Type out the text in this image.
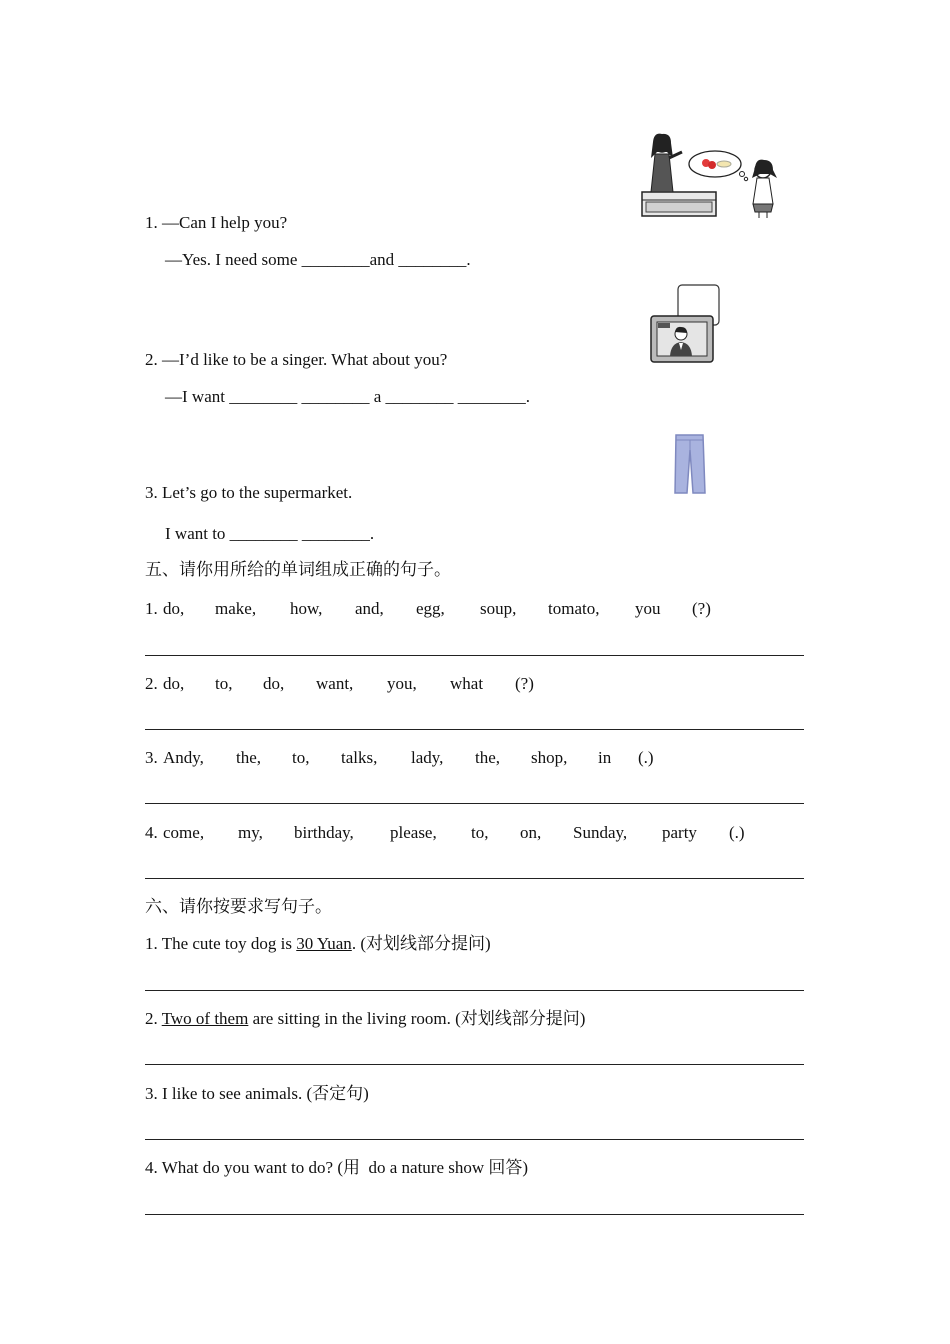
1. —Can I help you?
—Yes. I need some ________and ________.
2. —I’d like to be a singer. What about you?
—I want ________ ________ a ________ ________.
3. Let’s go to the supermarket.
I want to ________ ________.
五、请你用所给的单词组成正确的句子。
1. do,	make,	how,	and,	egg,	soup,	tomato,	you	(?)
2. do,	to,	do,	want,	you,	what	(?)
3. Andy,	the,	to,	talks,	lady,	the,	shop,	in	(.)
4. come,	my,	birthday,	please,	to,	on,	Sunday,	party	(.)
六、请你按要求写句子。
1. The cute toy dog is 30 Yuan. (对划线部分提问)
2. Two of them are sitting in the living room. (对划线部分提问)
3. I like to see animals. (否定句)
4. What do you want to do? (用  do a nature show 回答)
